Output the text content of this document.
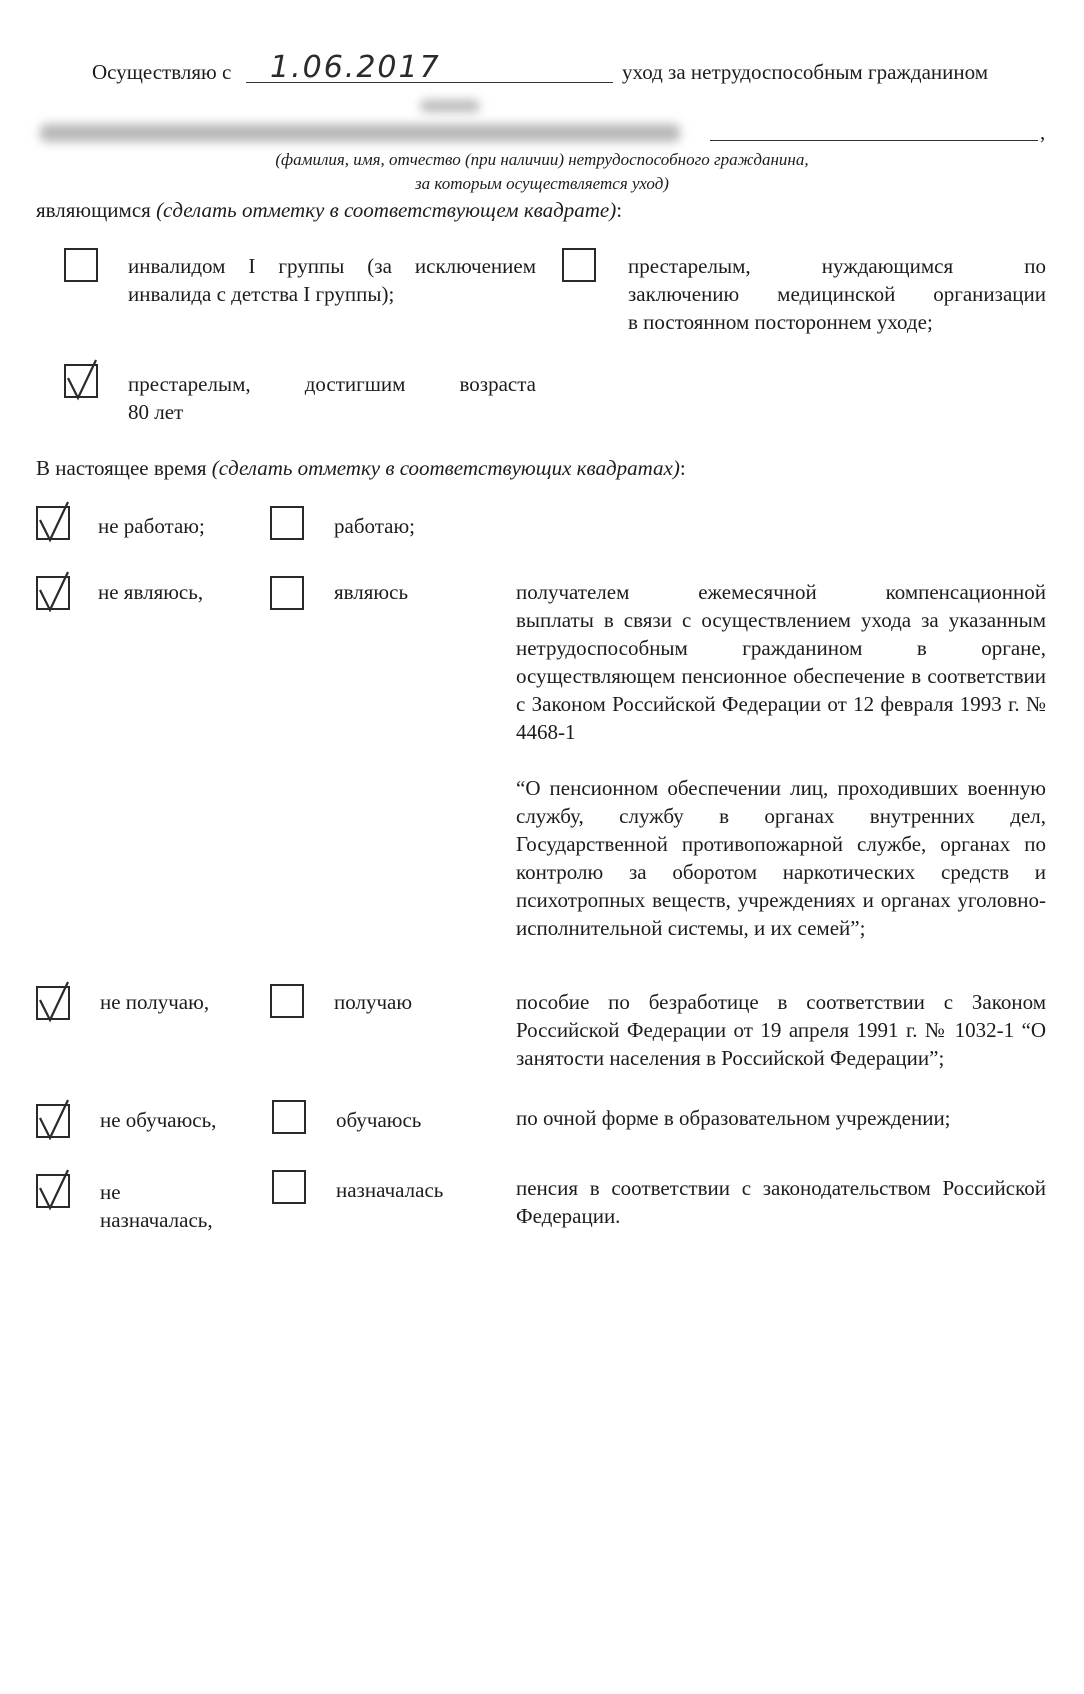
Осуществляю с 1.06.2017	уход за нетрудоспособным гражданином
,
(фамилия, имя, отчество (при наличии) нетрудоспособного гражданина,
за которым осуществляется уход)
являющимся (сделать отметку в соответствующем квадрате):
инвалидом I группы (за исключением
инвалида с детства I группы);
престарелым, нуждающимся по
заключению медицинской организации
в постоянном постороннем уходе;
престарелым, достигшим возраста
80 лет
В настоящее время (сделать отметку в соответствующих квадратах):
не работаю;	работаю;
не являюсь,	являюсь	получателем ежемесячной компенсационной
выплаты в связи с осуществлением ухода за указанным нетрудоспособным гражданином в органе, осуществляющем пенсионное обеспечение в соответствии с Законом Российской Федерации от 12 февраля 1993 г. № 4468-1
“О пенсионном обеспечении лиц, проходивших военную службу, службу в органах внутренних дел, Государственной противопожарной службе, органах по контролю за оборотом наркотических средств и психотропных веществ, учреждениях и органах уголовно-исполнительной системы, и их семей”;
не получаю,	получаю	пособие по безработице в соответствии с Законом Российской Федерации от 19 апреля 1991 г. № 1032-1 “О занятости населения в Российской Федерации”;
не обучаюсь,	обучаюсь	по очной форме в образовательном учреждении;
не
назначалась,
назначалась	пенсия в соответствии с законодательством Российской Федерации.
